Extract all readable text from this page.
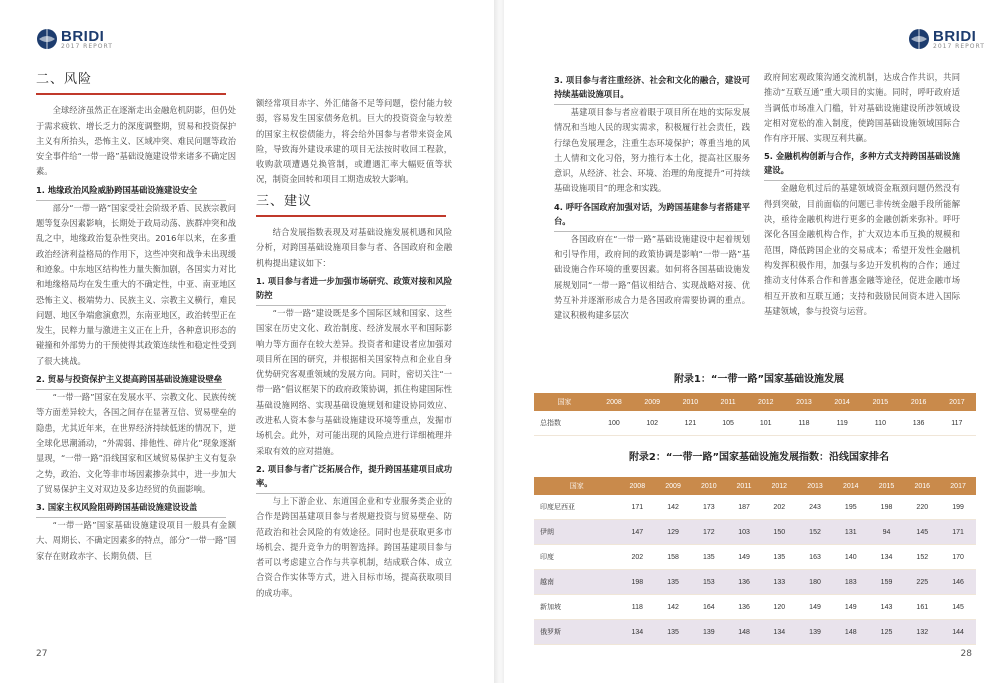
BRIDI
2017 REPORT
二、风险

全球经济虽然正在逐渐走出金融危机阴影，但仍处于需求疲软、增长乏力的深度调整期，贸易和投资保护主义有所抬头，恐怖主义、区域冲突、难民问题等政治安全事件给“一带一路”基础设施建设带来诸多不确定因素。

1. 地缘政治风险威胁跨国基础设施建设安全

部分“一带一路”国家受社会阶级矛盾、民族宗教问题等复杂因素影响，长期处于政局动荡、族群冲突和战乱之中，地缘政治复杂性突出。2016年以来，在多重政治经济利益格局的作用下，这些冲突和战争未出现缓和迹象。中东地区结构性力量失衡加剧，各国实力对比和地缘格局均在发生重大的不确定性，中亚、南亚地区恐怖主义、极端势力、民族主义、宗教主义横行，难民问题、地区争端愈演愈烈，东南亚地区，政治转型正在发生，民粹力量与激进主义正在上升，各种意识形态的碰撞和外部势力的干预使得其政策连续性和稳定性受到了很大挑战。

2. 贸易与投资保护主义提高跨国基础设施建设壁垒

“一带一路”国家在发展水平、宗教文化、民族传统等方面差异较大，各国之间存在显著互信、贸易壁垒的隐患，尤其近年来，在世界经济持续低迷的情况下，逆全球化思潮涌动，“外需弱、排他性、碎片化”现象逐渐显现，“一带一路”沿线国家和区域贸易保护主义有复杂之势，政治、文化等非市场因素掺杂其中，进一步加大了贸易保护主义对双边及多边经贸的负面影响。

3. 国家主权风险阻碍跨国基础设施建设设盖

“一带一路”国家基础设施建设项目一般具有金额大、周期长、不确定因素多的特点，部分“一带一路”国家存在财政赤字、长期负债、巨

额经常项目赤字、外汇储备不足等问题，偿付能力较弱，容易发生国家债务危机。巨大的投资资金与较差的国家主权偿债能力，将会给外国参与者带来资金风险，导致海外建设承建的项目无法按时收回工程款，收购款项遭遇兑换管制，或遭遇汇率大幅贬值等状况，制资金回转和项目工期造成较大影响。

三、建议

结合发展指数表现及对基础设施发展机遇和风险分析，对跨国基础设施项目参与者、各国政府和金融机构提出建议如下：

1. 项目参与者进一步加强市场研究、政策对接和风险防控

“一带一路”建设既是多个国际区域和国家、这些国家在历史文化、政治制度、经济发展水平和国际影响力等方面存在较大差异。投资者和建设者应加强对项目所在国的研究，并根据相关国家特点和企业自身优势研究客观重领域的发展方向。同时，密切关注“一带一路”倡议框架下的政府政策协调，抓住构建国际性基础设施网络、实现基础设施规划和建设协同效应、改进私人资本参与基础设施建设环境等重点，发掘市场机会。此外，对可能出现的风险点进行详细梳理并采取有效的应对措施。

2. 项目参与者广泛拓展合作，提升跨国基建项目成功率。

与上下游企业、东道国企业和专业服务类企业的合作是跨国基建项目参与者规避投资与贸易壁垒、防范政治和社会风险的有效途径。同时也是获取更多市场机会、提升竞争力的明智选择。跨国基建项目参与者可以考虑建立合作与共享机制，结成联合体、成立合资合作实体等方式，进入目标市场，提高获取项目的成功率。

27
BRIDI
2017 REPORT
3. 项目参与者注重经济、社会和文化的融合，建设可持续基础设施项目。

基建项目参与者应着眼于项目所在地的实际发展情况和当地人民的现实需求，积极履行社会责任，践行绿色发展理念，注重生态环境保护；尊重当地的风土人情和文化习俗，努力推行本土化，提高社区服务意识，从经济、社会、环境、治理的角度提升“可持续基础设施项目”的理念和实践。

4. 呼吁各国政府加强对话，为跨国基建参与者搭建平台。

各国政府在“一带一路”基础设施建设中起着规划和引导作用，政府间的政策协调是影响“一带一路”基础设施合作环境的重要因素。如何将各国基础设施发展规划同“一带一路”倡议相结合、实现战略对接、优势互补并逐渐形成合力是各国政府需要协调的重点。建议积极构建多层次

政府间宏观政策沟通交流机制，达成合作共识，共同推动“互联互通”重大项目的实施。同时，呼吁政府适当调低市场准入门槛，针对基础设施建设所涉领域设定相对宽松的准入制度，使跨国基础设施领域国际合作有序开展、实现互利共赢。

5. 金融机构创新与合作，多种方式支持跨国基础设施建设。

金融危机过后的基建领域资金瓶颈问题仍然没有得到突破，目前面临的问题已非传统金融手段所能解决，亟待金融机构进行更多的金融创新来弥补。呼吁深化各国金融机构合作，扩大双边本币互换的规模和范围，降低跨国企业的交易成本；希望开发性金融机构发挥积极作用，加强与多边开发机构的合作；通过推动支付体系合作和普惠金融等途径，促进金融市场相互开放和互联互通；支持和鼓励民间资本进入国际基建领域，参与投资与运营。

附录1：“一带一路”国家基础设施发展
国家	2008	2009	2010	2011	2012	2013	2014	2015	2016	2017
总指数	100	102	121	105	101	118	119	110	136	117
附录2：“一带一路”国家基础设施发展指数：沿线国家排名
国家	2008	2009	2010	2011	2012	2013	2014	2015	2016	2017
印度尼西亚	171	142	173	187	202	243	195	198	220	199
伊朗	147	129	172	103	150	152	131	94	145	171
印度	202	158	135	149	135	163	140	134	152	170
越南	198	135	153	136	133	180	183	159	225	146
新加坡	118	142	164	136	120	149	149	143	161	145
俄罗斯	134	135	139	148	134	139	148	125	132	144
28
